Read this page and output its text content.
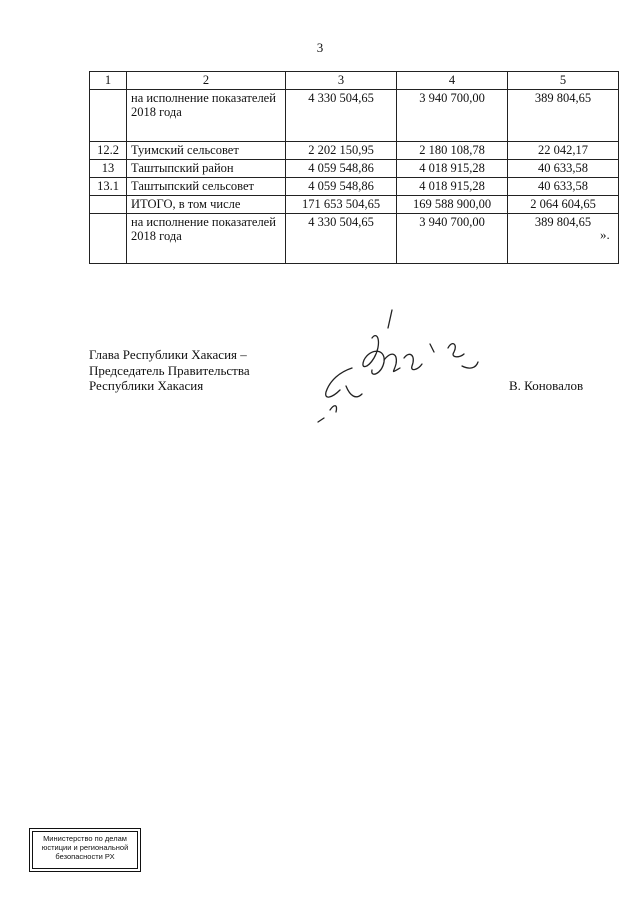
3
1	2	3	4	5
	на исполнение показателей 2018 года	4 330 504,65	3 940 700,00	389 804,65
12.2	Туимский сельсовет	2 202 150,95	2 180 108,78	22 042,17
13	Таштыпский район	4 059 548,86	4 018 915,28	40 633,58
13.1	Таштыпский сельсовет	4 059 548,86	4 018 915,28	40 633,58
	ИТОГО, в том числе	171 653 504,65	169 588 900,00	2 064 604,65
	на исполнение показателей 2018 года	4 330 504,65	3 940 700,00	389 804,65
».
Глава Республики Хакасия –
Председатель Правительства
Республики Хакасия	В. Коновалов
Министерство по делам
юстиции и региональной
безопасности РХ
